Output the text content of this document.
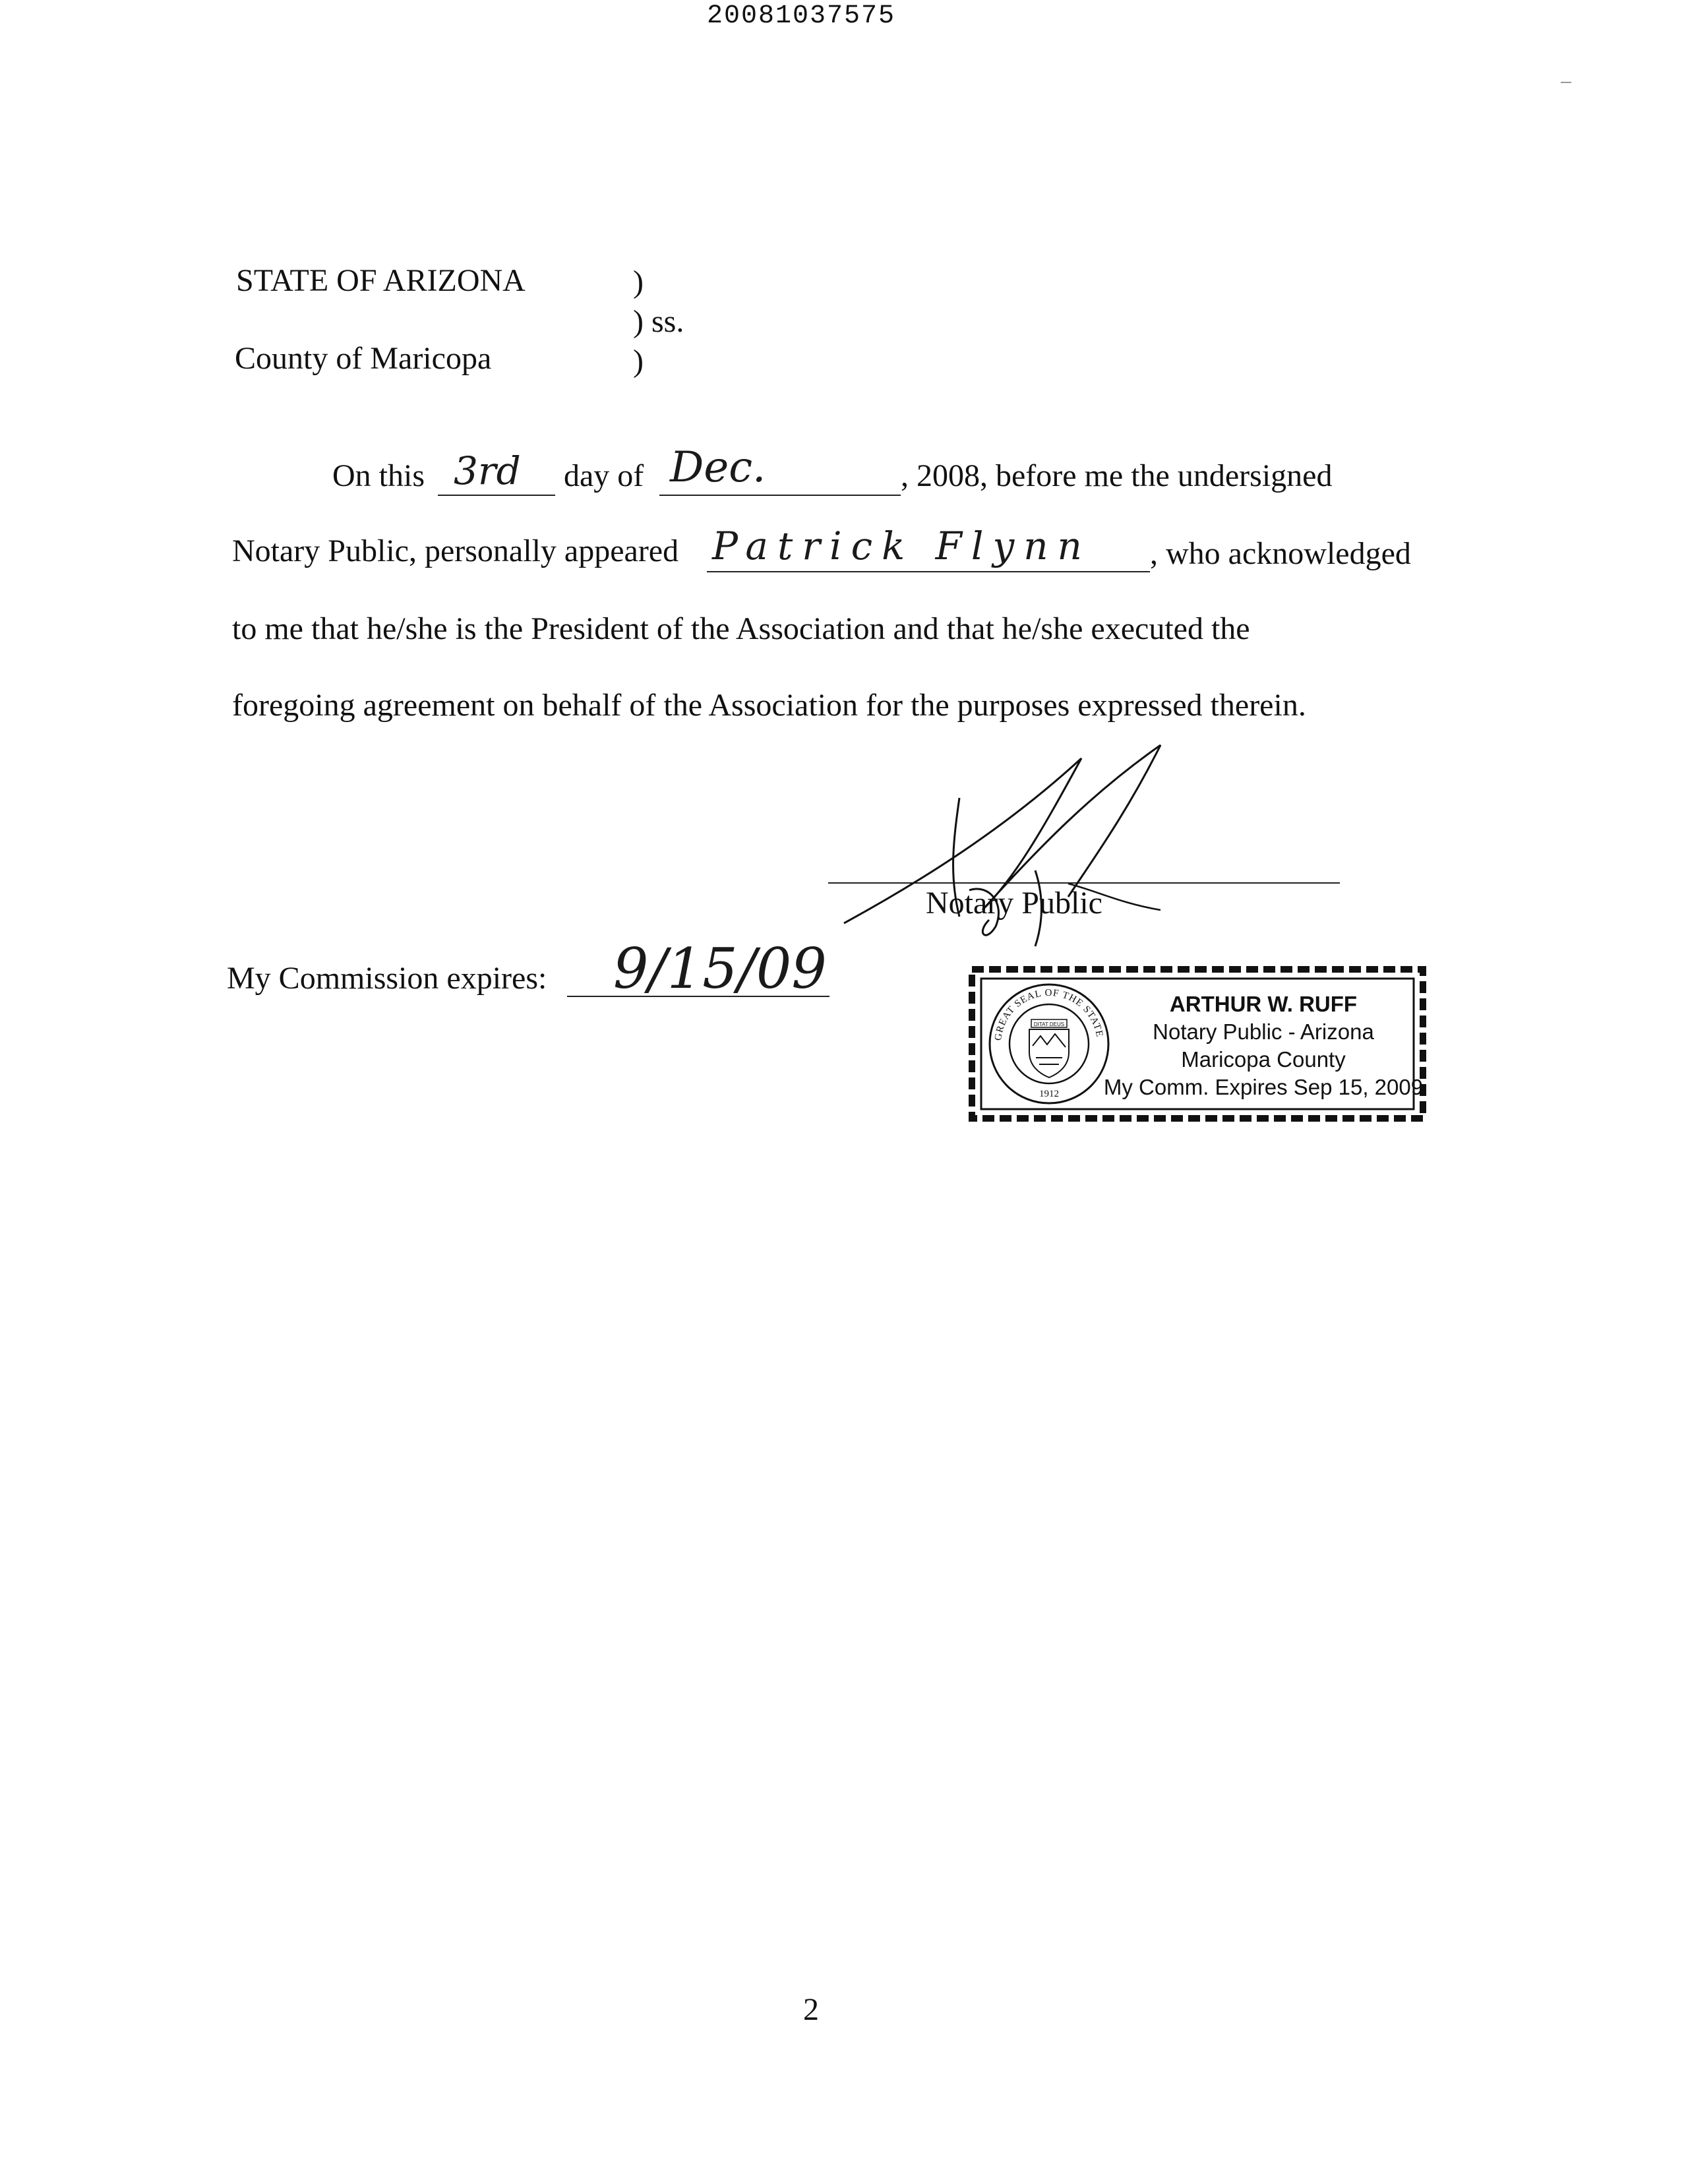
20081037575
STATE OF ARIZONA	)
) ss.
County of Maricopa	)
On this 3rd day of Dec.	, 2008, before me the undersigned
Notary Public, personally appeared Patrick Flynn , who acknowledged
to me that he/she is the President of the Association and that he/she executed the
foregoing agreement on behalf of the Association for the purposes expressed therein.
Notary Public
My Commission expires: 9/15/09
GREAT SEAL OF THE STATE OF ARIZONA
DITAT DEUS
1912
ARTHUR W. RUFF
Notary Public - Arizona
Maricopa County
My Comm. Expires Sep 15, 2009
2
